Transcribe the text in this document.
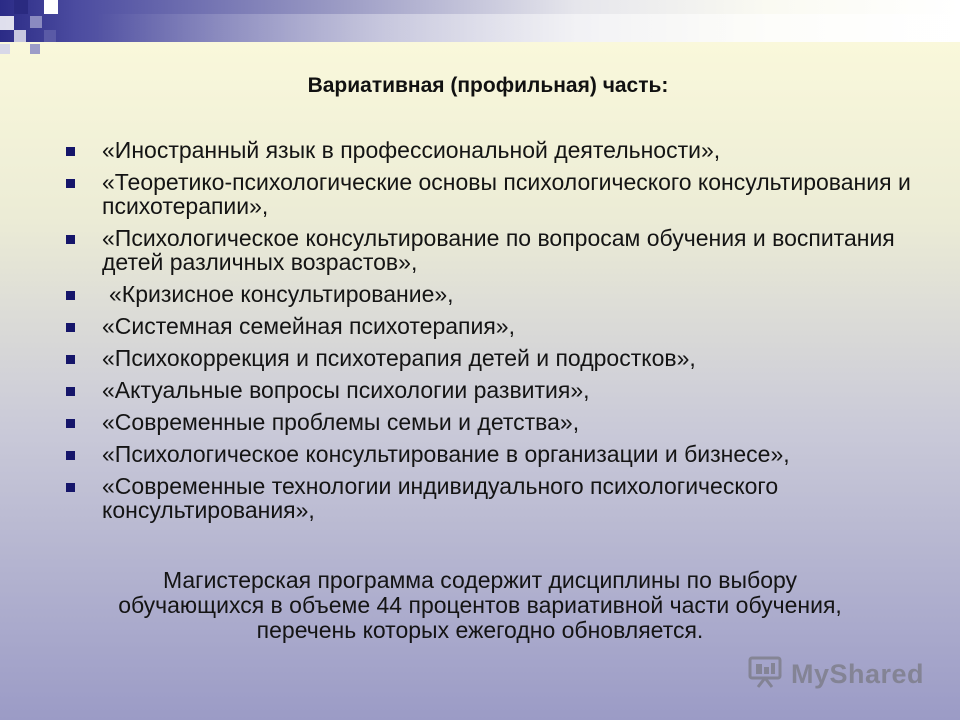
Вариативная (профильная) часть:
«Иностранный язык в профессиональной деятельности»,
«Теоретико-психологические основы психологического консультирования и психотерапии»,
«Психологическое консультирование по вопросам обучения и воспитания детей различных возрастов»,
«Кризисное консультирование»,
«Системная семейная психотерапия»,
«Психокоррекция и психотерапия детей и подростков»,
«Актуальные вопросы психологии развития»,
«Современные проблемы семьи и детства»,
«Психологическое консультирование в организации и бизнесе»,
«Современные технологии индивидуального психологического консультирования»,
Магистерская программа содержит дисциплины по выбору обучающихся в объеме 44 процентов вариативной части обучения, перечень которых ежегодно обновляется.
MyShared
